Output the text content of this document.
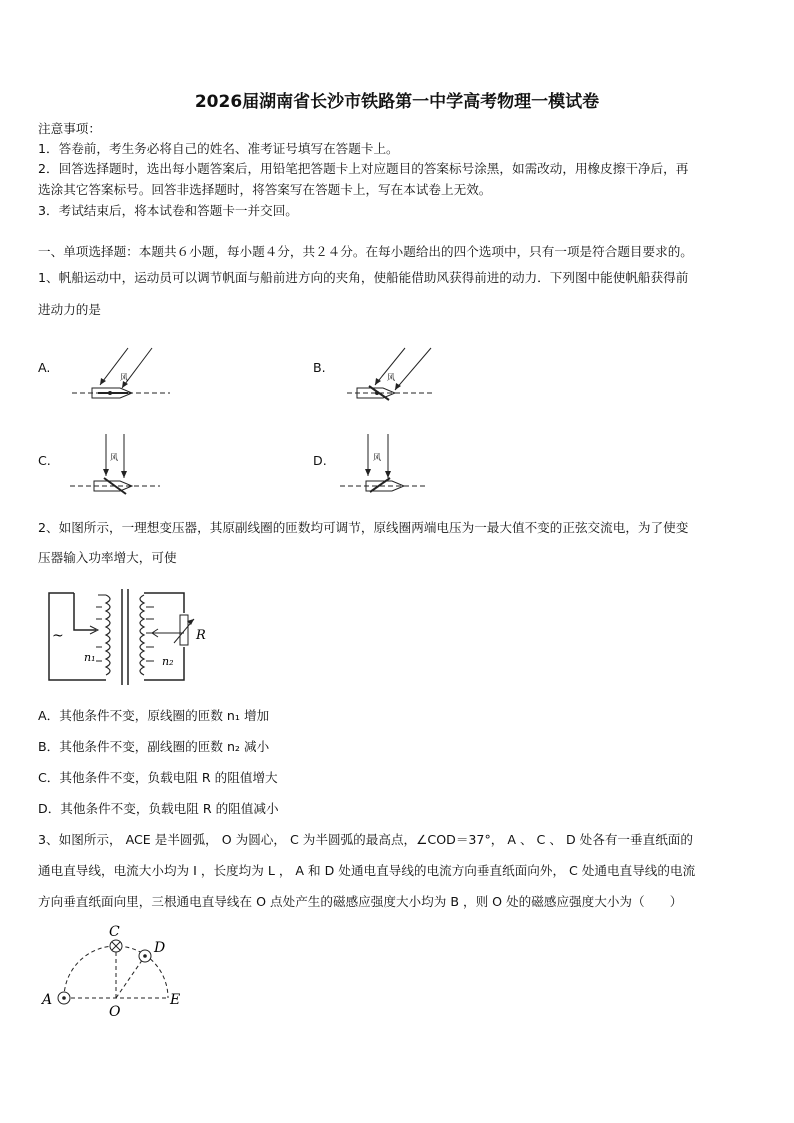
2026届湖南省长沙市铁路第一中学高考物理一模试卷
注意事项：
1．答卷前，考生务必将自己的姓名、准考证号填写在答题卡上。
2．回答选择题时，选出每小题答案后，用铅笔把答题卡上对应题目的答案标号涂黑，如需改动，用橡皮擦干净后，再
选涂其它答案标号。回答非选择题时，将答案写在答题卡上，写在本试卷上无效。
3．考试结束后，将本试卷和答题卡一并交回。
一、单项选择题：本题共６小题，每小题４分，共２４分。在每小题给出的四个选项中，只有一项是符合题目要求的。
1、帆船运动中，运动员可以调节帆面与船前进方向的夹角，使船能借助风获得前进的动力．下列图中能使帆船获得前
进动力的是
A.	B.
C.	D.
风	风
风	风
2、如图所示，一理想变压器，其原副线圈的匝数均可调节，原线圈两端电压为一最大值不变的正弦交流电，为了使变
压器输入功率增大，可使
~	R
n₁	n₂
A．其他条件不变，原线圈的匝数 n₁ 增加
B．其他条件不变，副线圈的匝数 n₂ 减小
C．其他条件不变，负载电阻 R 的阻值增大
D．其他条件不变，负载电阻 R 的阻值减小
3、如图所示， ACE 是半圆弧， O 为圆心， C 为半圆弧的最高点，∠COD＝37°， A 、 C 、 D 处各有一垂直纸面的
通电直导线，电流大小均为 I ，长度均为 L ， A 和 D 处通电直导线的电流方向垂直纸面向外， C 处通电直导线的电流
方向垂直纸面向里，三根通电直导线在 O 点处产生的磁感应强度大小均为 B ，则 O 处的磁感应强度大小为（　　）
A
C
D
O
E
